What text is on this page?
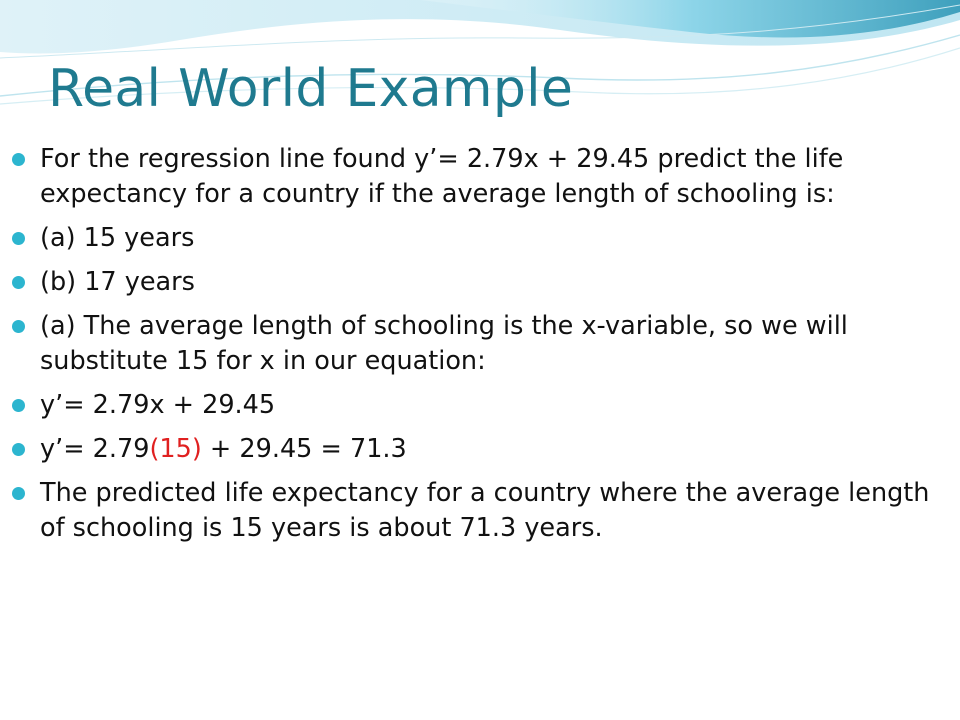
Real World Example
For the regression line found y’= 2.79x + 29.45 predict the life expectancy for a country if the average length of schooling is:
(a) 15 years
(b) 17 years
(a) The average length of schooling is the x-variable, so we will substitute 15 for x in our equation:
y’= 2.79x + 29.45
y’= 2.79(15) + 29.45 = 71.3
The predicted life expectancy for a country where the average length of schooling is 15 years is about 71.3 years.
